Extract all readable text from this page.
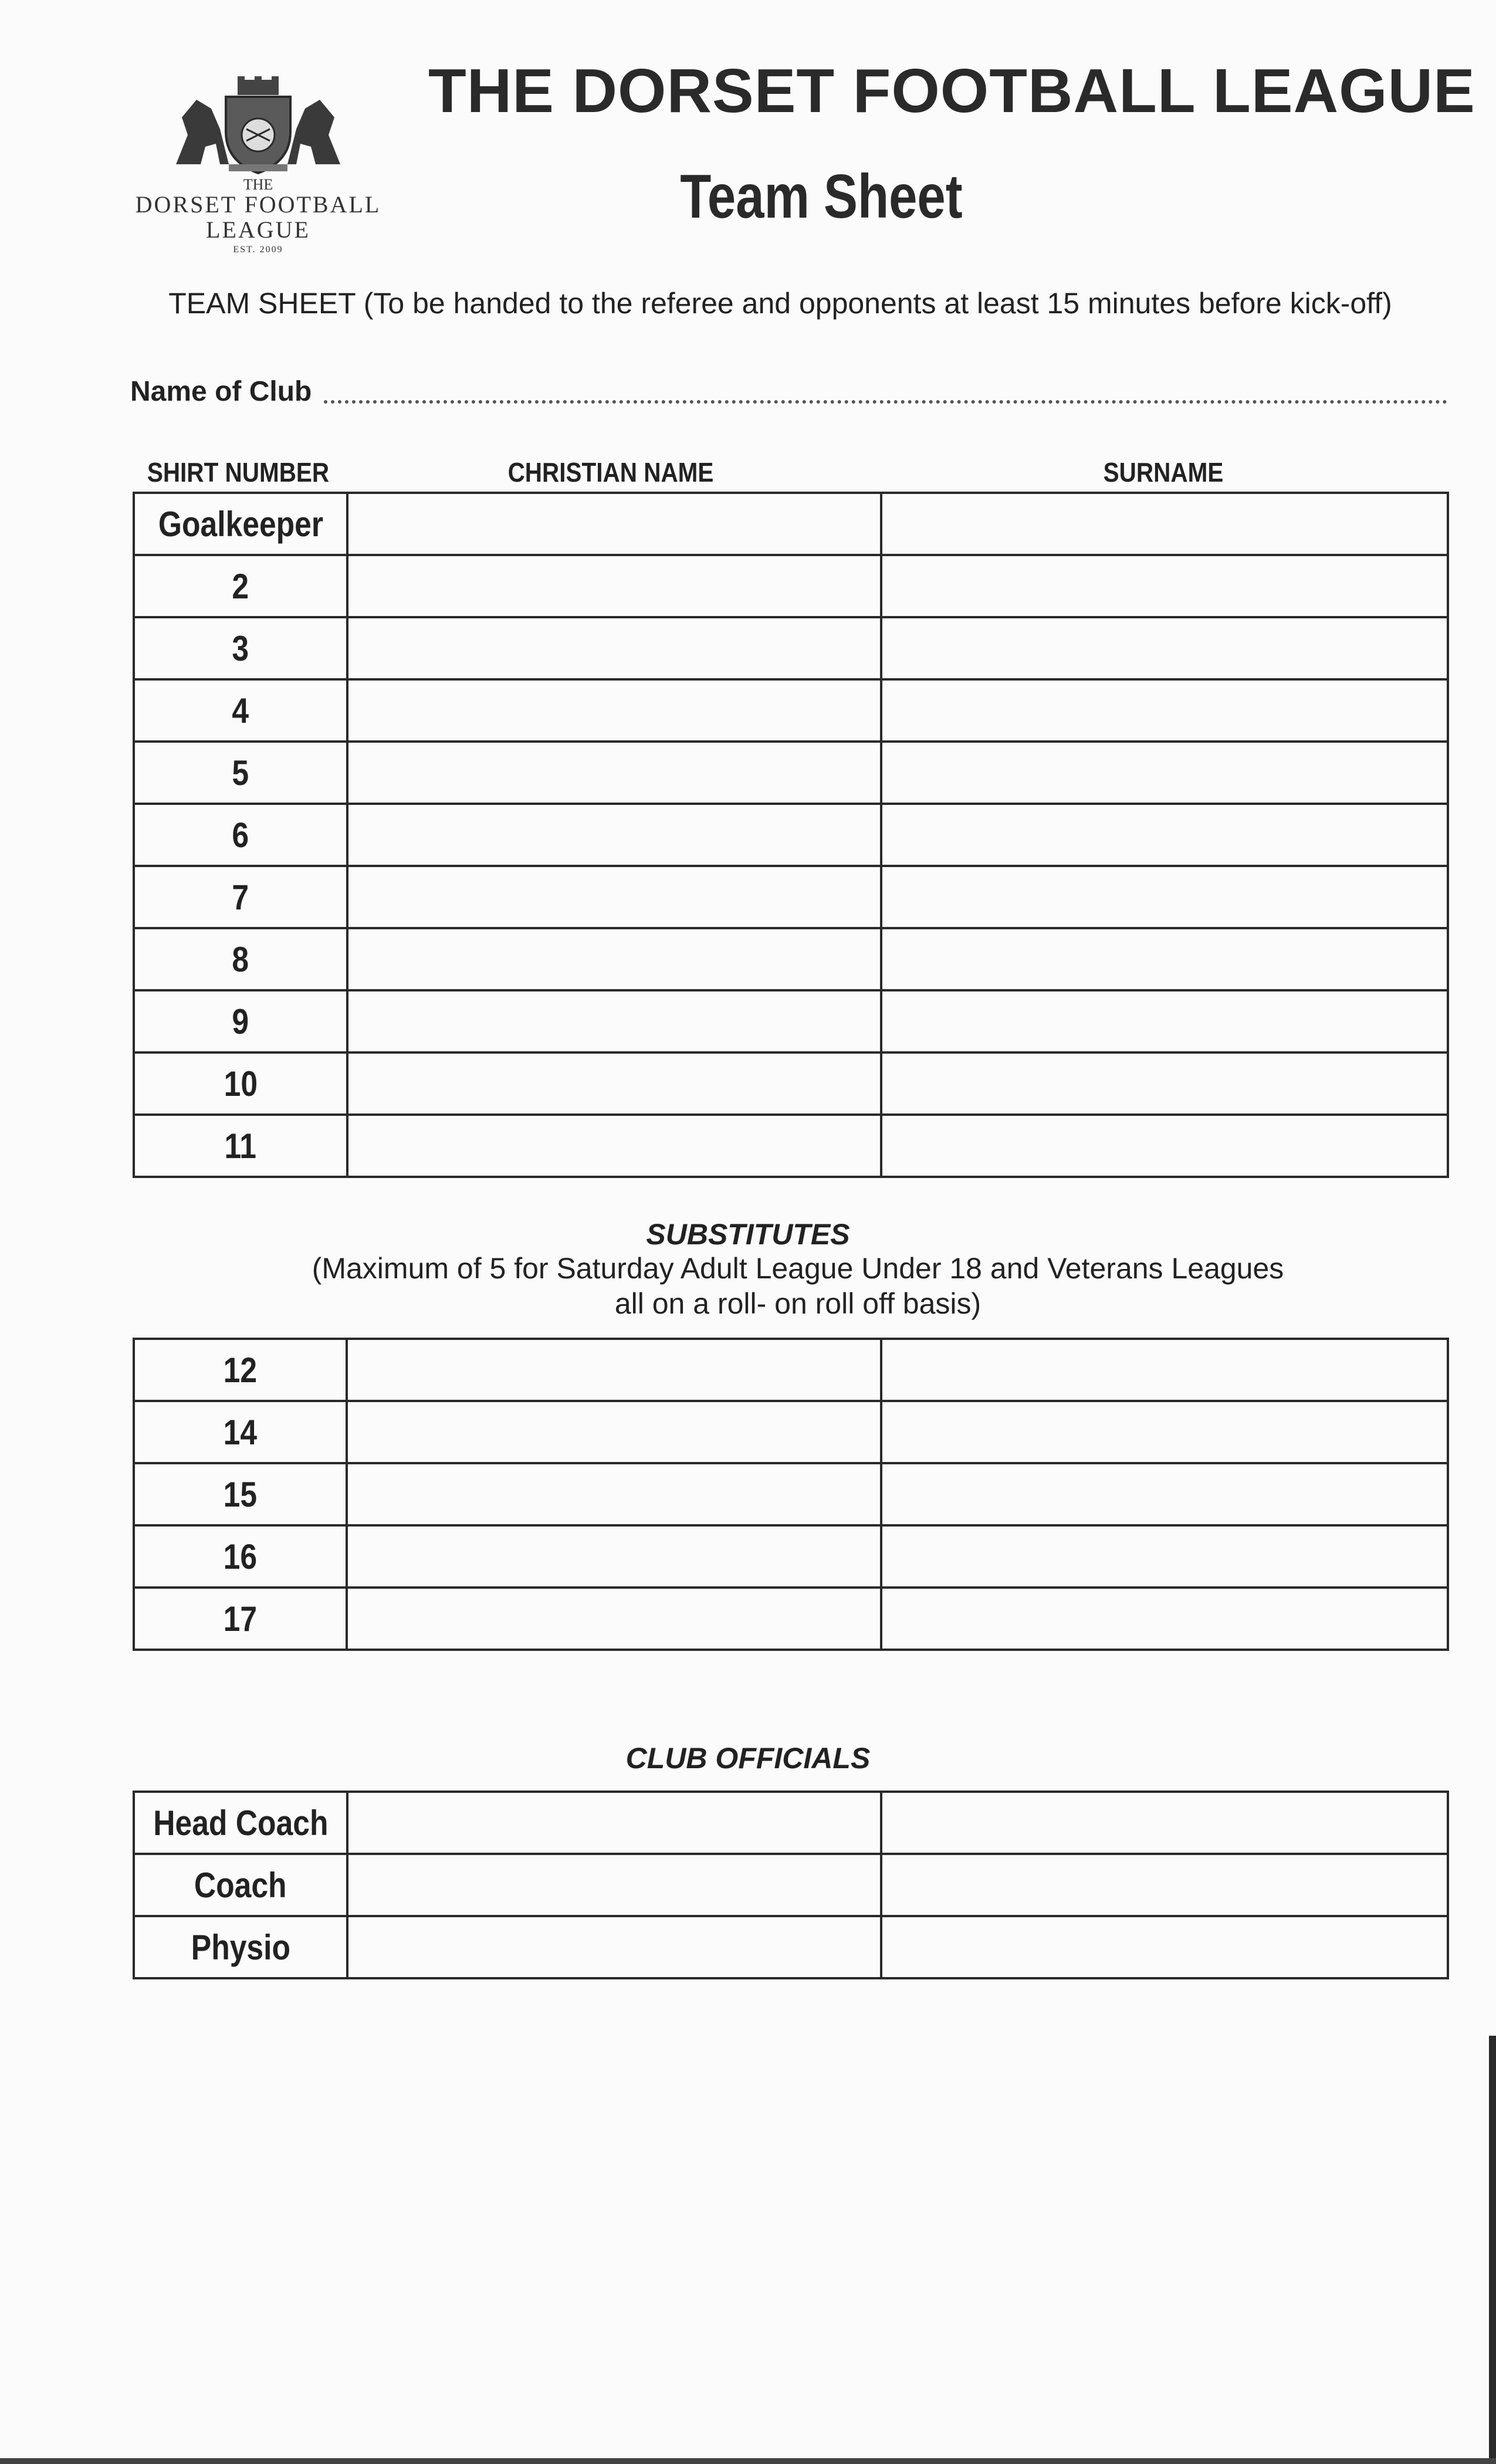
THE
DORSET FOOTBALL
LEAGUE
EST. 2009
THE DORSET FOOTBALL LEAGUE
Team Sheet
TEAM SHEET (To be handed to the referee and opponents at least 15 minutes before kick-off)
Name of Club
SHIRT NUMBER	CHRISTIAN NAME	SURNAME
Goalkeeper		
2		
3		
4		
5		
6		
7		
8		
9		
10		
11		
SUBSTITUTES
(Maximum of 5 for Saturday Adult League Under 18 and Veterans Leagues
all on a roll- on roll off basis)
12		
14		
15		
16		
17		
CLUB OFFICIALS
Head Coach		
Coach		
Physio		
